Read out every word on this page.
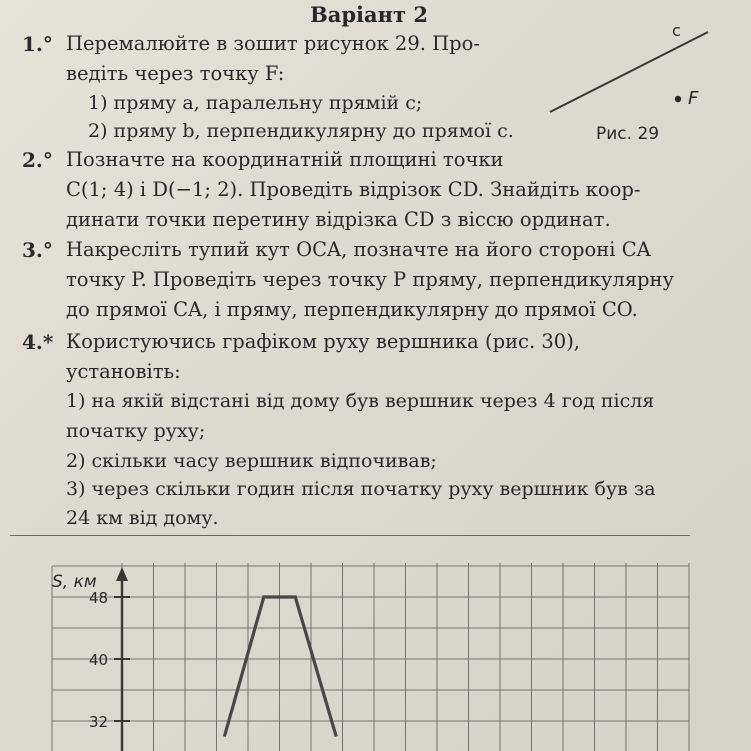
Варіант 2
c
F
Рис. 29
1.° Перемалюйте в зошит рисунок 29. Про-
ведіть через точку F:
1) пряму a, паралельну прямій c;
2) пряму b, перпендикулярну до прямої c.
2.° Позначте на координатній площині точки
C(1; 4) і D(−1; 2). Проведіть відрізок CD. Знайдіть коор-
динати точки перетину відрізка CD з віссю ординат.
3.° Накресліть тупий кут OCA, позначте на його стороні CA
точку P. Проведіть через точку P пряму, перпендикулярну
до прямої CA, і пряму, перпендикулярну до прямої CO.
4.* Користуючись графіком руху вершника (рис. 30),
установіть:
1) на якій відстані від дому був вершник через 4 год після
початку руху;
2) скільки часу вершник відпочивав;
3) через скільки годин після початку руху вершник був за
24 км від дому.
S, км
48
40
32
